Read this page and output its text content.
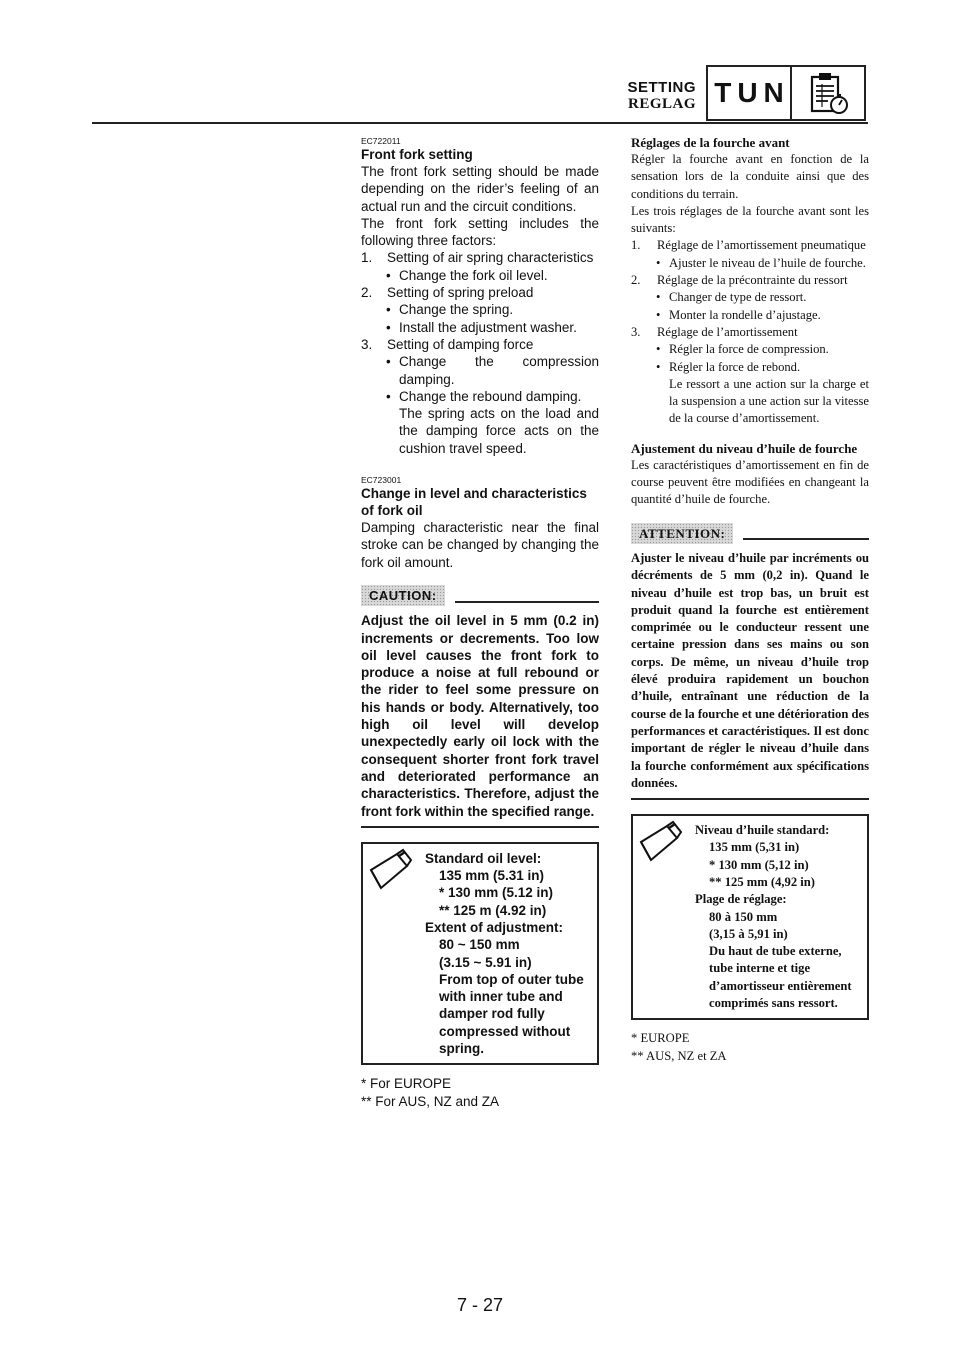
SETTING
REGLAG TUN
EC722011
Front fork setting
The front fork setting should be made depending on the rider’s feeling of an actual run and the circuit conditions.
The front fork setting includes the following three factors:
1.	Setting of air spring characteristics
• Change the fork oil level.
2.	Setting of spring preload
• Change the spring.
• Install the adjustment washer.
3.	Setting of damping force
• Change the compression damping.
• Change the rebound damping.
The spring acts on the load and the damping force acts on the cushion travel speed.
EC723001
Change in level and characteristics of fork oil
Damping characteristic near the final stroke can be changed by changing the fork oil amount.
CAUTION:
Adjust the oil level in 5 mm (0.2 in) increments or decrements. Too low oil level causes the front fork to produce a noise at full rebound or the rider to feel some pressure on his hands or body. Alternatively, too high oil level will develop unexpectedly early oil lock with the consequent shorter front fork travel and deteriorated performance an characteristics. Therefore, adjust the front fork within the specified range.
Standard oil level:
135 mm (5.31 in)
* 130 mm (5.12 in)
** 125 m (4.92 in)
Extent of adjustment:
80 ~ 150 mm
(3.15 ~ 5.91 in)
From top of outer tube with inner tube and damper rod fully compressed without spring.
* For EUROPE
** For AUS, NZ and ZA
Réglages de la fourche avant
Régler la fourche avant en fonction de la sensation lors de la conduite ainsi que des conditions du terrain.
Les trois réglages de la fourche avant sont les suivants:
1.	Réglage de l’amortissement pneumatique
• Ajuster le niveau de l’huile de fourche.
2.	Réglage de la précontrainte du ressort
• Changer de type de ressort.
• Monter la rondelle d’ajustage.
3.	Réglage de l’amortissement
• Régler la force de compression.
• Régler la force de rebond.
Le ressort a une action sur la charge et la suspension a une action sur la vitesse de la course d’amortissement.
Ajustement du niveau d’huile de fourche
Les caractéristiques d’amortissement en fin de course peuvent être modifiées en changeant la quantité d’huile de fourche.
ATTENTION:
Ajuster le niveau d’huile par incréments ou décréments de 5 mm (0,2 in). Quand le niveau d’huile est trop bas, un bruit est produit quand la fourche est entièrement comprimée ou le conducteur ressent une certaine pression dans ses mains ou son corps. De même, un niveau d’huile trop élevé produira rapidement un bouchon d’huile, entraînant une réduction de la course de la fourche et une détérioration des performances et caractéristiques. Il est donc important de régler le niveau d’huile dans la fourche conformément aux spécifications données.
Niveau d’huile standard:
135 mm (5,31 in)
* 130 mm (5,12 in)
** 125 mm (4,92 in)
Plage de réglage:
80 à 150 mm
(3,15 à 5,91 in)
Du haut de tube externe, tube interne et tige d’amortisseur entièrement comprimés sans ressort.
* EUROPE
** AUS, NZ et ZA
7 - 27
